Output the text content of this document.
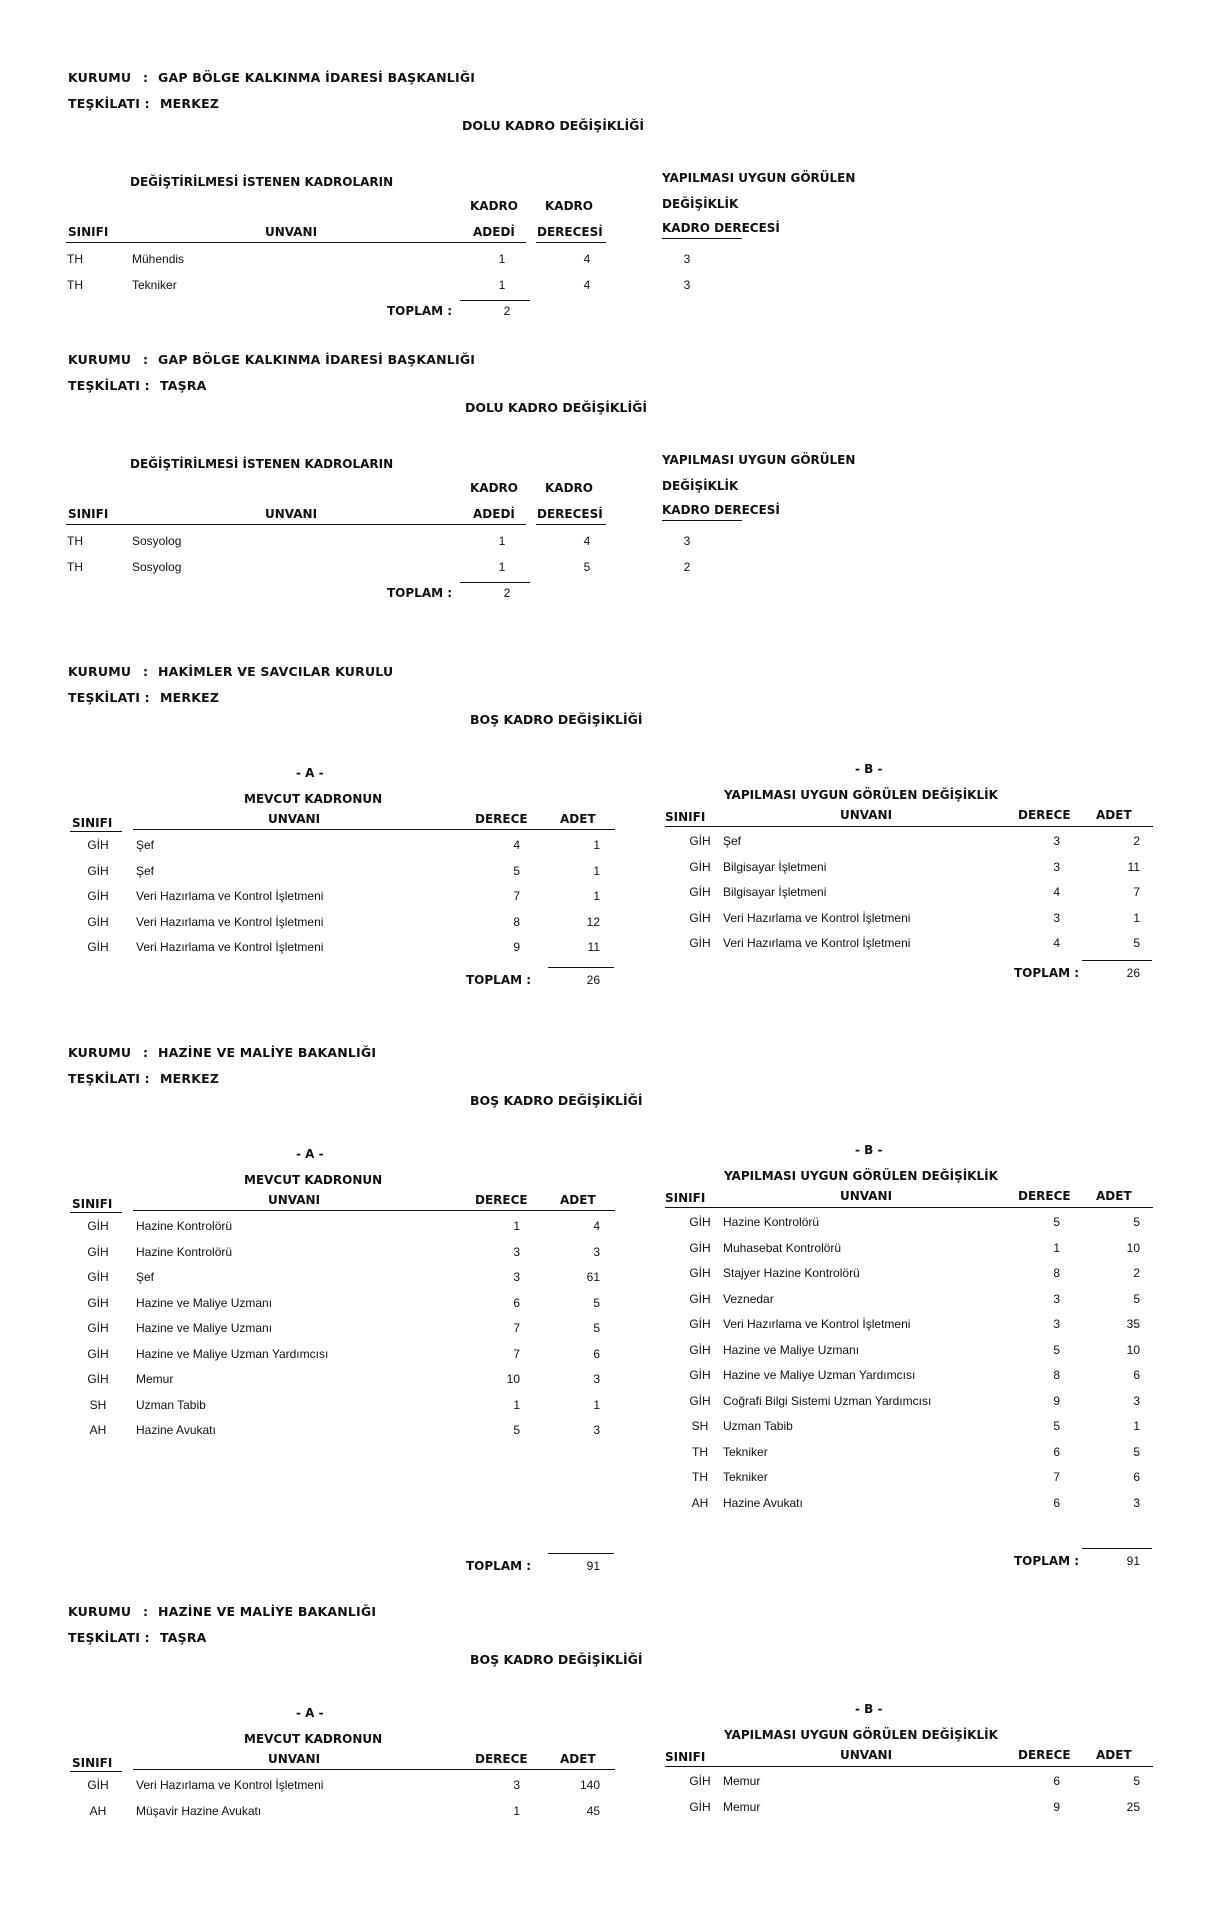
KURUMU : GAP BÖLGE KALKINMA İDARESİ BAŞKANLIĞI
TEŞKİLATI : MERKEZ
DOLU KADRO DEĞİŞİKLİĞİ
DEĞİŞTİRİLMESİ İSTENEN KADROLARIN	YAPILMASI UYGUN GÖRÜLEN
KADRO KADRO	DEĞİŞİKLİK
SINIFI	UNVANI	ADEDİ DERECESİ	KADRO DERECESİ
TH	Mühendis	1	4	3
TH	Tekniker	1	4	3
TOPLAM :	2
KURUMU : GAP BÖLGE KALKINMA İDARESİ BAŞKANLIĞI
TEŞKİLATI : TAŞRA
DOLU KADRO DEĞİŞİKLİĞİ
DEĞİŞTİRİLMESİ İSTENEN KADROLARIN	YAPILMASI UYGUN GÖRÜLEN
KADRO KADRO	DEĞİŞİKLİK
SINIFI	UNVANI	ADEDİ DERECESİ	KADRO DERECESİ
TH	Sosyolog	1	4	3
TH	Sosyolog	1	5	2
TOPLAM :	2
KURUMU : HAKİMLER VE SAVCILAR KURULU
TEŞKİLATI : MERKEZ
BOŞ KADRO DEĞİŞİKLİĞİ
- A -
MEVCUT KADRONUN
SINIFI	UNVANI	DERECE	ADET
GİH	Şef	4	1
GİH	Şef	5	1
GİH	Veri Hazırlama ve Kontrol İşletmeni	7	1
GİH	Veri Hazırlama ve Kontrol İşletmeni	8	12
GİH	Veri Hazırlama ve Kontrol İşletmeni	9	11
- B -
YAPILMASI UYGUN GÖRÜLEN DEĞİŞİKLİK
SINIFI	UNVANI	DERECE ADET
GİH	Şef	3	2
GİH	Bilgisayar İşletmeni	3	11
GİH	Bilgisayar İşletmeni	4	7
GİH	Veri Hazırlama ve Kontrol İşletmeni	3	1
GİH	Veri Hazırlama ve Kontrol İşletmeni	4	5
TOPLAM :	26	TOPLAM :	26
KURUMU : HAZİNE VE MALİYE BAKANLIĞI
TEŞKİLATI : MERKEZ
BOŞ KADRO DEĞİŞİKLİĞİ
- A -
MEVCUT KADRONUN
SINIFI	UNVANI	DERECE	ADET
GİH	Hazine Kontrolörü	1	4
GİH	Hazine Kontrolörü	3	3
GİH	Şef	3	61
GİH	Hazine ve Maliye Uzmanı	6	5
GİH	Hazine ve Maliye Uzmanı	7	5
GİH	Hazine ve Maliye Uzman Yardımcısı	7	6
GİH	Memur	10	3
SH	Uzman Tabib	1	1
AH	Hazine Avukatı	5	3
- B -
YAPILMASI UYGUN GÖRÜLEN DEĞİŞİKLİK
SINIFI	UNVANI	DERECE ADET
GİH	Hazine Kontrolörü	5	5
GİH	Muhasebat Kontrolörü	1	10
GİH	Stajyer Hazine Kontrolörü	8	2
GİH	Veznedar	3	5
GİH	Veri Hazırlama ve Kontrol İşletmeni	3	35
GİH	Hazine ve Maliye Uzmanı	5	10
GİH	Hazine ve Maliye Uzman Yardımcısı	8	6
GİH	Coğrafi Bilgi Sistemi Uzman Yardımcısı	9	3
SH	Uzman Tabib	5	1
TH	Tekniker	6	5
TH	Tekniker	7	6
AH	Hazine Avukatı	6	3
TOPLAM :	91	TOPLAM :	91
KURUMU : HAZİNE VE MALİYE BAKANLIĞI
TEŞKİLATI : TAŞRA
BOŞ KADRO DEĞİŞİKLİĞİ
- A -
MEVCUT KADRONUN
SINIFI	UNVANI	DERECE	ADET
GİH	Veri Hazırlama ve Kontrol İşletmeni	3	140
AH	Müşavir Hazine Avukatı	1	45
- B -
YAPILMASI UYGUN GÖRÜLEN DEĞİŞİKLİK
SINIFI	UNVANI	DERECE ADET
GİH	Memur	6	5
GİH	Memur	9	25
